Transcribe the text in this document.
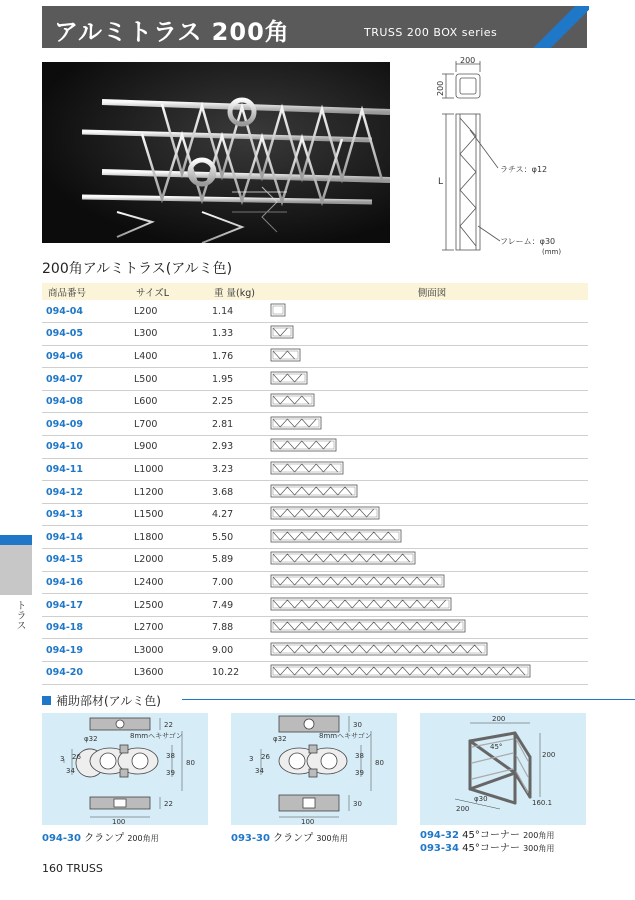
アルミトラス 200角	TRUSS 200 BOX series
200
200
L
ラチス：φ12
フレーム：φ30
(mm)
200角アルミトラス(アルミ色)
商品番号	サイズL	重 量(kg)	側面図
094-04	L200	1.14	
094-05	L300	1.33	
094-06	L400	1.76	
094-07	L500	1.95	
094-08	L600	2.25	
094-09	L700	2.81	
094-10	L900	2.93	
094-11	L1000	3.23	
094-12	L1200	3.68	
094-13	L1500	4.27	
094-14	L1800	5.50	
094-15	L2000	5.89	
094-16	L2400	7.00	
094-17	L2500	7.49	
094-18	L2700	7.88	
094-19	L3000	9.00	
094-20	L3600	10.22	
トラス
補助部材(アルミ色)
22
8mmヘキサゴン
φ32
26
3
34
38
39
80
22
100
094-30 クランプ 200角用
30
8mmヘキサゴン
φ32
26
3
34
38
39
80
30
100
093-30 クランプ 300角用
200
45°
200
200
φ30	160.1
094-32 45°コーナー 200角用
093-34 45°コーナー 300角用
160 TRUSS
